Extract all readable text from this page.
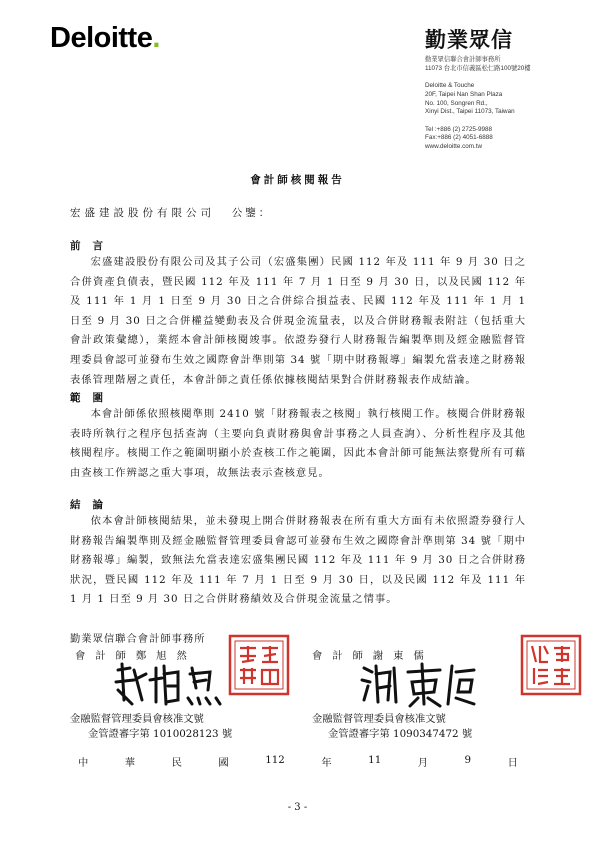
Deloitte.	勤業眾信
勤業眾信聯合會計師事務所
11073 台北市信義區松仁路100號20樓

Deloitte & Touche
20F, Taipei Nan Shan Plaza
No. 100, Songren Rd.,
Xinyi Dist., Taipei 11073, Taiwan

Tel :+886 (2) 2725-9988
Fax:+886 (2) 4051-6888
www.deloitte.com.tw
會計師核閱報告
宏盛建設股份有限公司 公鑒：
前言
宏盛建設股份有限公司及其子公司（宏盛集團）民國 112 年及 111 年 9 月 30 日之合併資產負債表，暨民國 112 年及 111 年 7 月 1 日至 9 月 30 日，以及民國 112 年及 111 年 1 月 1 日至 9 月 30 日之合併綜合損益表、民國 112 年及 111 年 1 月 1 日至 9 月 30 日之合併權益變動表及合併現金流量表，以及合併財務報表附註（包括重大會計政策彙總），業經本會計師核閱竣事。依證券發行人財務報告編製準則及經金融監督管理委員會認可並發布生效之國際會計準則第 34 號「期中財務報導」編製允當表達之財務報表係管理階層之責任，本會計師之責任係依據核閱結果對合併財務報表作成結論。
範圍
本會計師係依照核閱準則 2410 號「財務報表之核閱」執行核閱工作。核閱合併財務報表時所執行之程序包括查詢（主要向負責財務與會計事務之人員查詢）、分析性程序及其他核閱程序。核閱工作之範圍明顯小於查核工作之範圍，因此本會計師可能無法察覺所有可藉由查核工作辨認之重大事項，故無法表示查核意見。
結論
依本會計師核閱結果，並未發現上開合併財務報表在所有重大方面有未依照證券發行人財務報告編製準則及經金融監督管理委員會認可並發布生效之國際會計準則第 34 號「期中財務報導」編製，致無法允當表達宏盛集團民國 112 年及 111 年 9 月 30 日之合併財務狀況，暨民國 112 年及 111 年 7 月 1 日至 9 月 30 日，以及民國 112 年及 111 年 1 月 1 日至 9 月 30 日之合併財務績效及合併現金流量之情事。
勤業眾信聯合會計師事務所
會計師鄭旭然	會計師謝東儒
金融監督管理委員會核准文號
金管證審字第 1010028123 號
金融監督管理委員會核准文號
金管證審字第 1090347472 號
中	華	民	國	112	年	11	月	9	日
- 3 -
